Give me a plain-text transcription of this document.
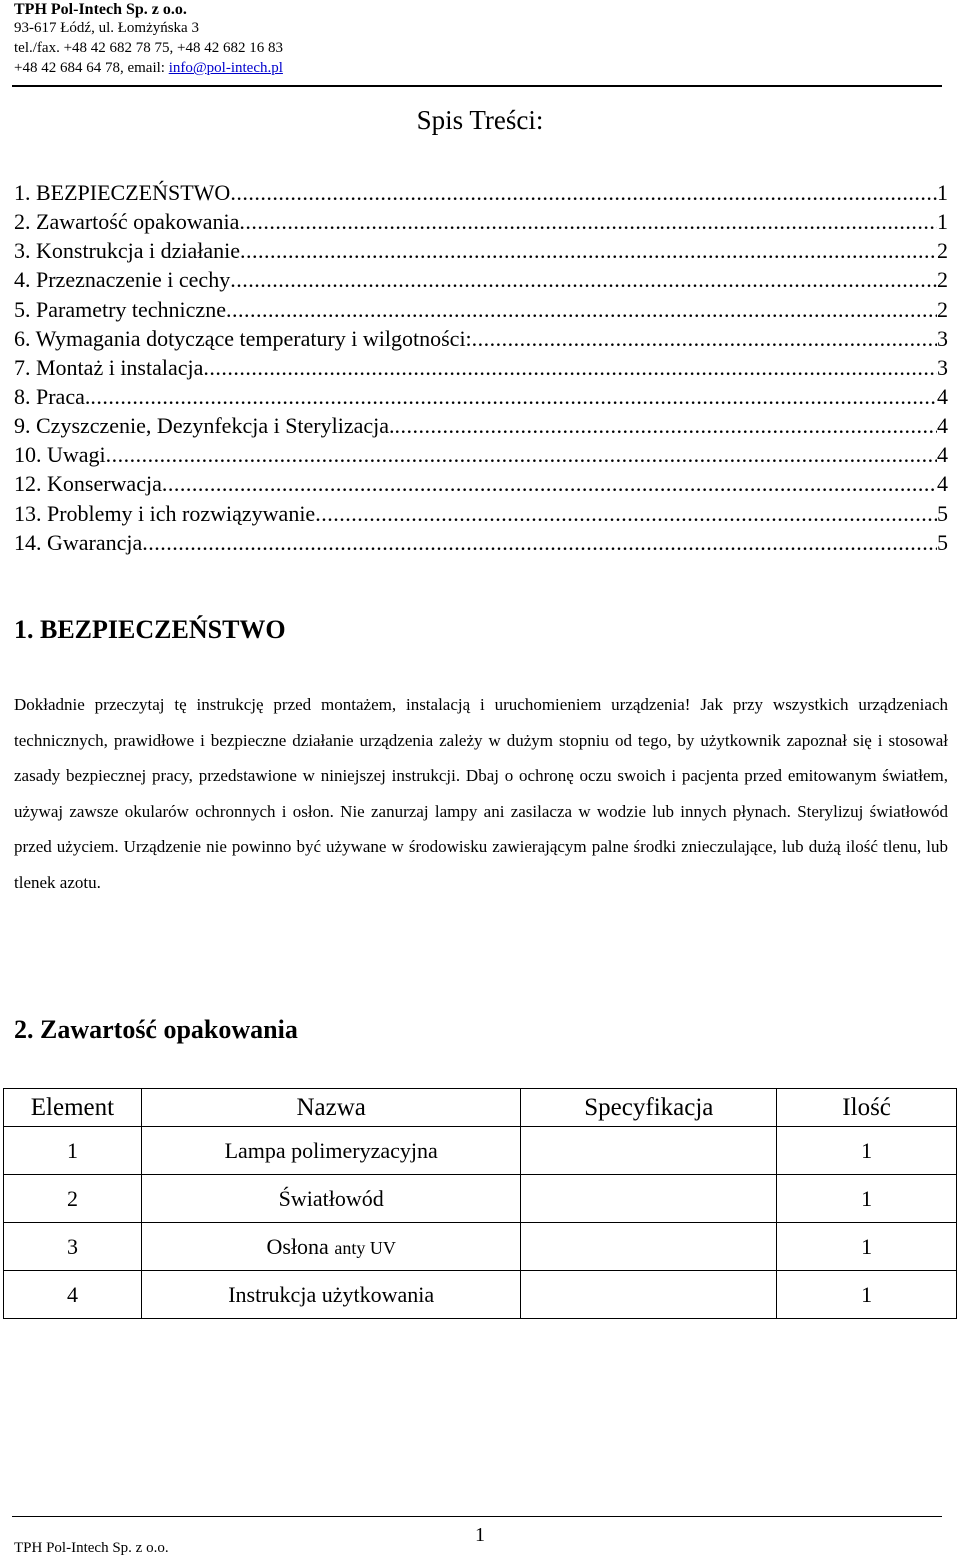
TPH Pol-Intech Sp. z o.o.
93-617 Łódź, ul. Łomżyńska 3
tel./fax. +48 42 682 78 75, +48 42 682 16 83
+48 42 684 64 78, email: info@pol-intech.pl
Spis Treści:
1. BEZPIECZEŃSTWO .....	1
2. Zawartość opakowania .....	1
3. Konstrukcja i działanie .....	2
4. Przeznaczenie i cechy .....	2
5. Parametry techniczne .....	2
6. Wymagania dotyczące temperatury i wilgotności: .....	3
7. Montaż i instalacja .....	3
8. Praca. .....	4
9. Czyszczenie, Dezynfekcja i Sterylizacja. .....	4
10. Uwagi .....	4
12. Konserwacja .....	4
13. Problemy i ich rozwiązywanie .....	5
14. Gwarancja .....	5
1. BEZPIECZEŃSTWO

Dokładnie przeczytaj tę instrukcję przed montażem, instalacją i uruchomieniem urządzenia! Jak przy wszystkich urządzeniach technicznych, prawidłowe i bezpieczne działanie urządzenia zależy w dużym stopniu od tego, by użytkownik zapoznał się i stosował zasady bezpiecznej pracy, przedstawione w niniejszej instrukcji. Dbaj o ochronę oczu swoich i pacjenta przed emitowanym światłem, używaj zawsze okularów ochronnych i osłon. Nie zanurzaj lampy ani zasilacza w wodzie lub innych płynach. Sterylizuj światłowód przed użyciem. Urządzenie nie powinno być używane w środowisku zawierającym palne środki znieczulające, lub dużą ilość tlenu, lub tlenek azotu.

2. Zawartość opakowania
Element	Nazwa	Specyfikacja	Ilość
1	Lampa polimeryzacyjna		1
2	Światłowód		1
3	Osłona anty UV		1
4	Instrukcja użytkowania		1
1
TPH Pol-Intech Sp. z o.o.
